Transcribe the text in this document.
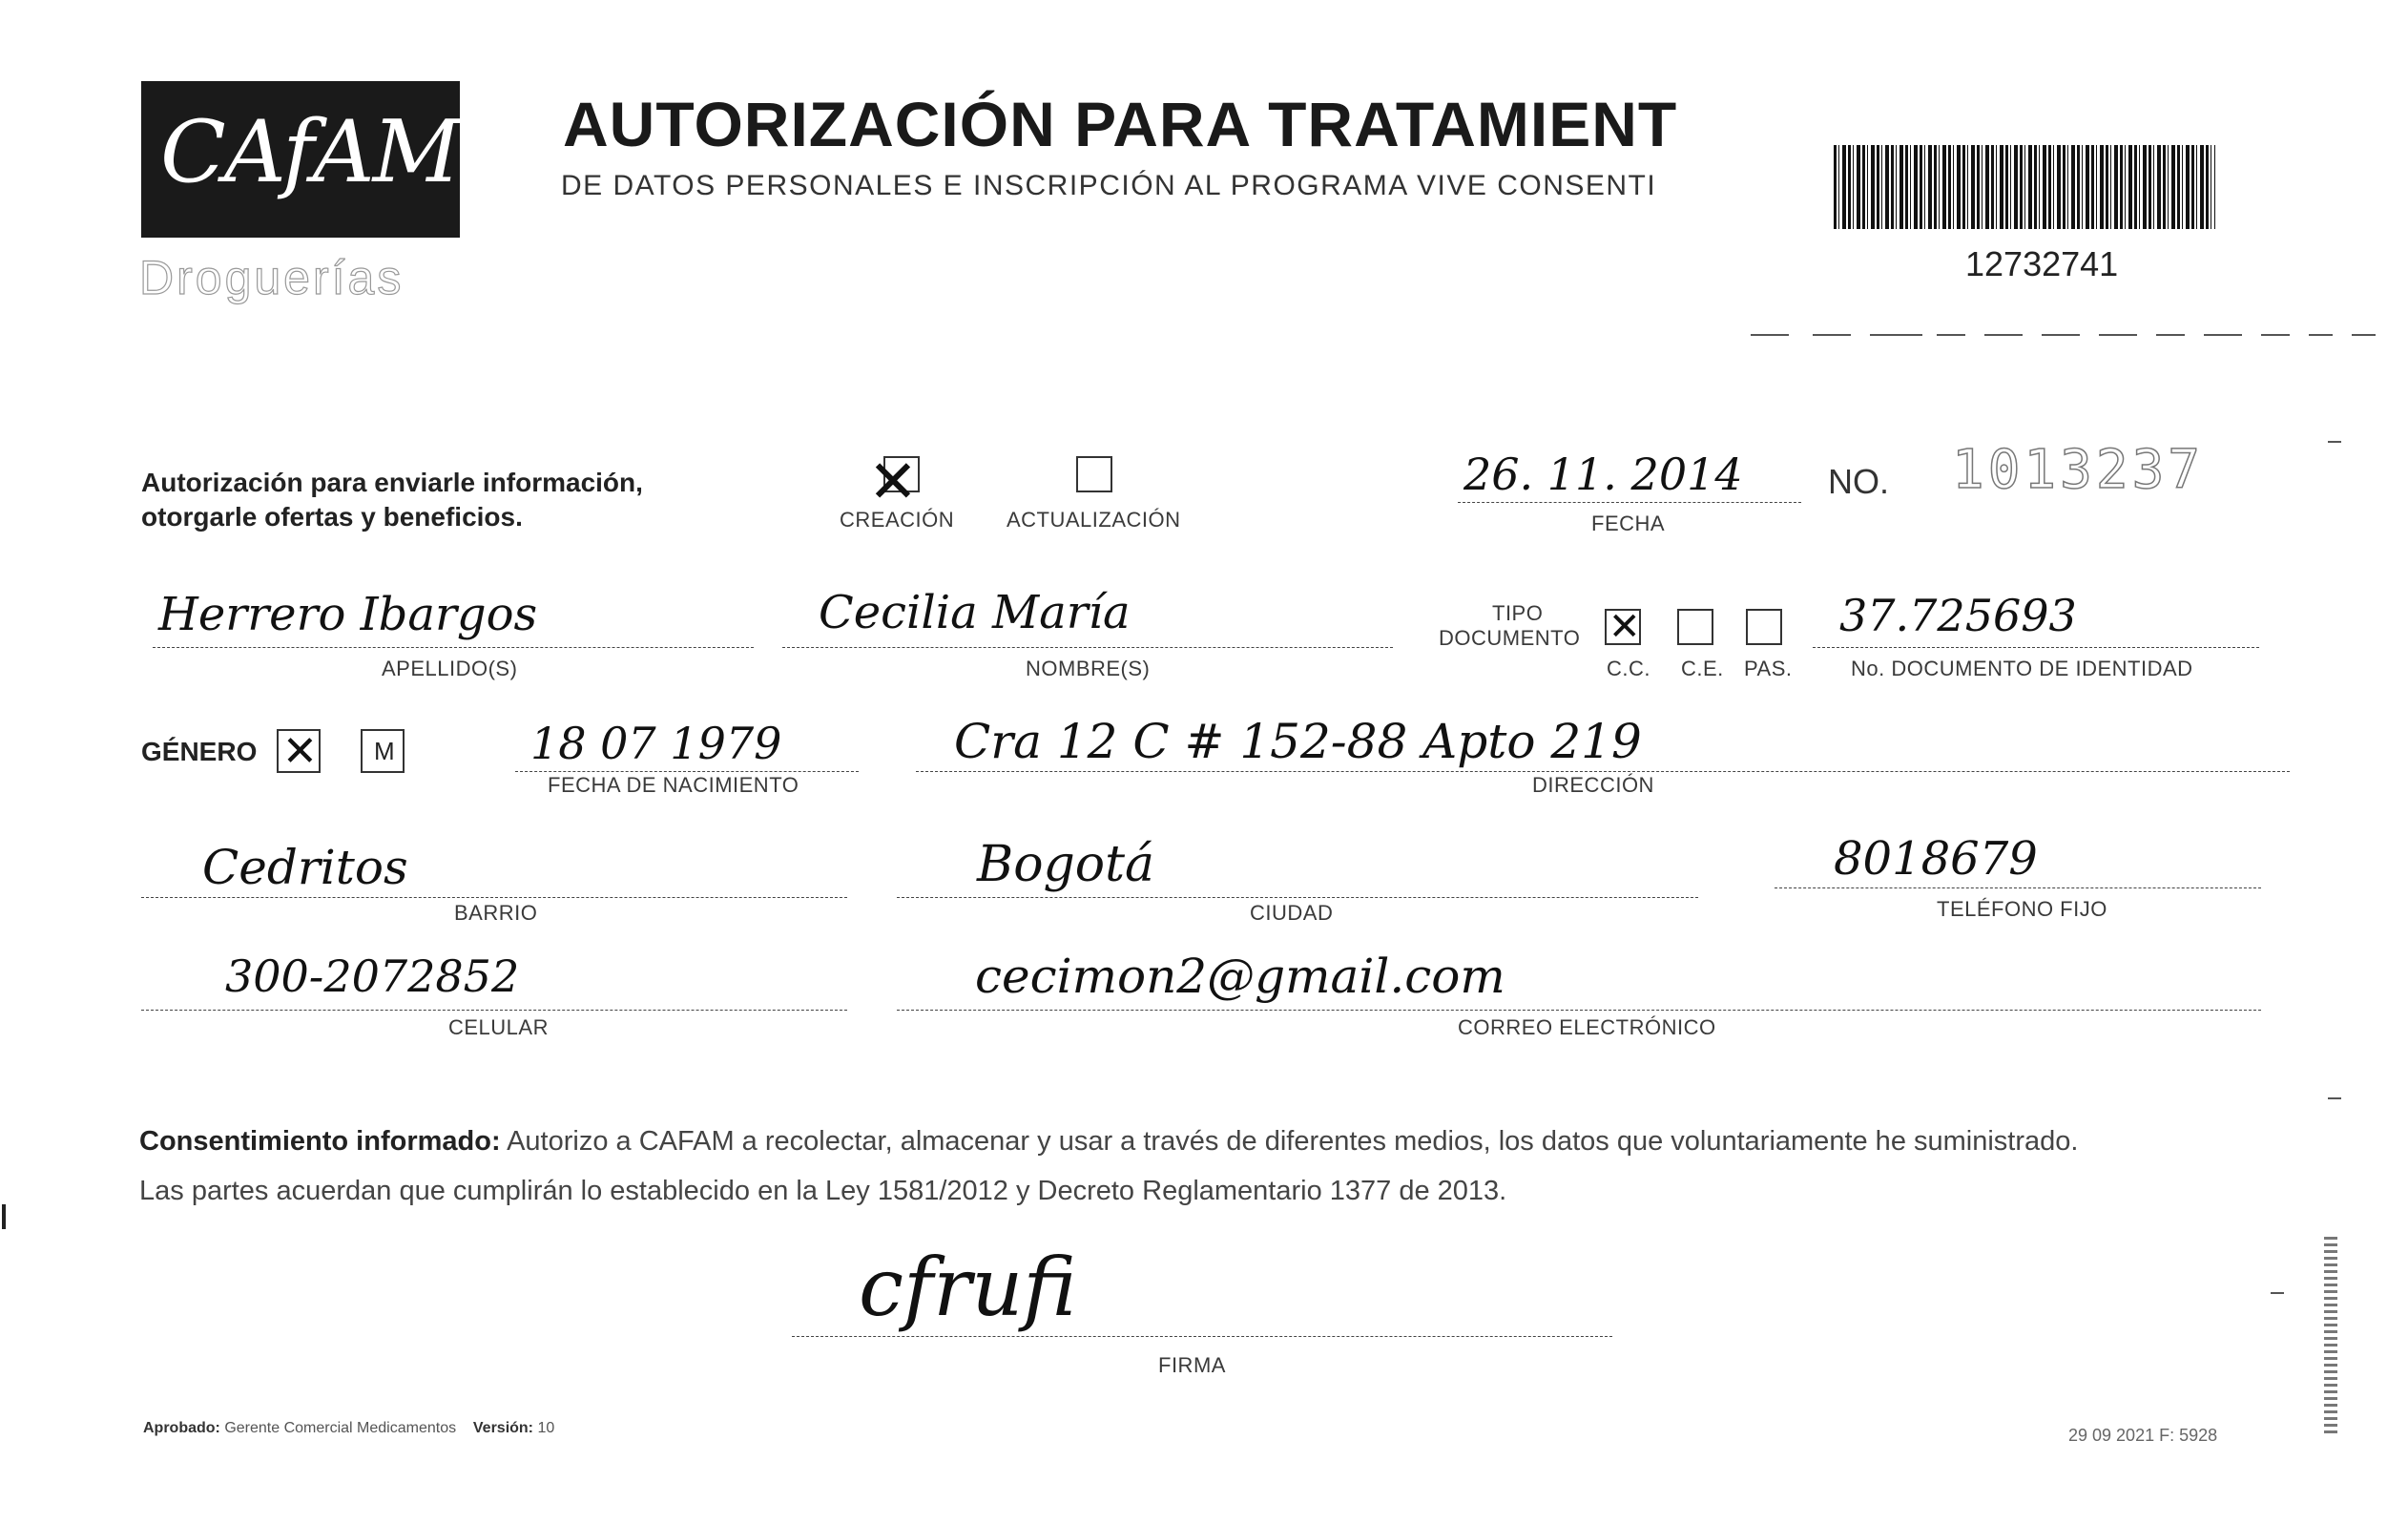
CAfAM
Droguerías
AUTORIZACIÓN PARA TRATAMIENT
DE DATOS PERSONALES E INSCRIPCIÓN AL PROGRAMA VIVE CONSENTI
12732741
Autorización para enviarle información,
otorgarle ofertas y beneficios.
✕
CREACIÓN ACTUALIZACIÓN
26. 11. 2014
FECHA
NO. 1013237
Herrero Ibargos
APELLIDO(S)
Cecilia María
NOMBRE(S)
TIPO
DOCUMENTO ✕
C.C. C.E. PAS.
37.725693
No. DOCUMENTO DE IDENTIDAD
GÉNERO ✕ M	18 07 1979
FECHA DE NACIMIENTO
Cra 12 C # 152-88 Apto 219
DIRECCIÓN
Cedritos
BARRIO
Bogotá
CIUDAD
8018679
TELÉFONO FIJO
300-2072852
CELULAR
cecimon2@gmail.com
CORREO ELECTRÓNICO
Consentimiento informado: Autorizo a CAFAM a recolectar, almacenar y usar a través de diferentes medios, los datos que voluntariamente he suministrado.
Las partes acuerdan que cumplirán lo establecido en la Ley 1581/2012 y Decreto Reglamentario 1377 de 2013.
cfrufi
FIRMA
Aprobado: Gerente Comercial Medicamentos Versión: 10	29 09 2021 F: 5928
